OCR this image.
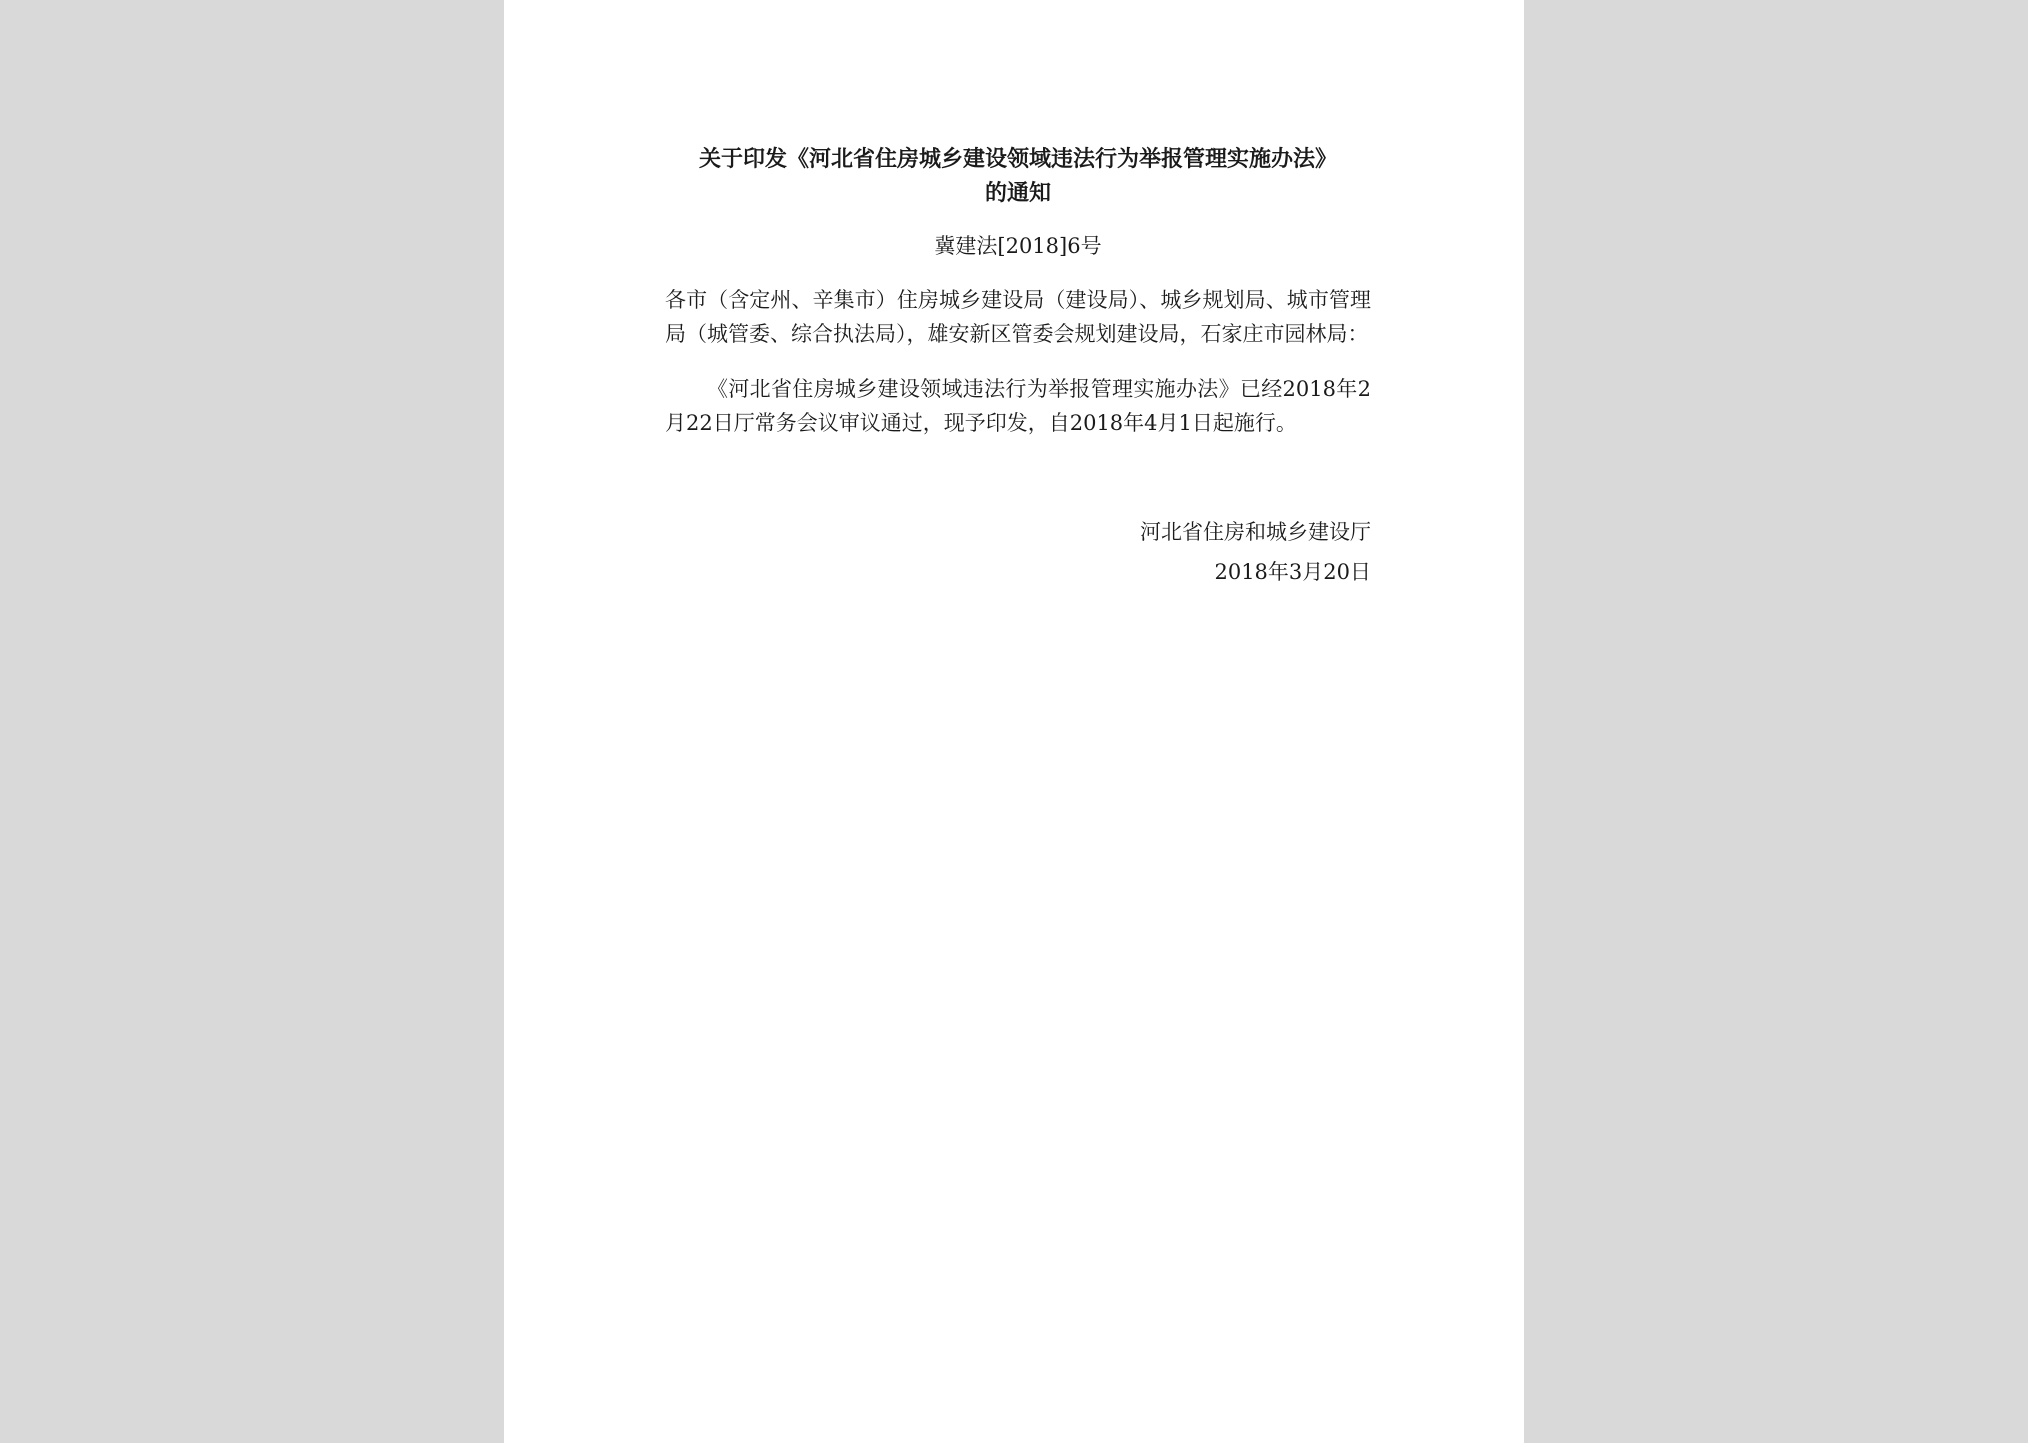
关于印发《河北省住房城乡建设领域违法行为举报管理实施办法》
的通知
冀建法[2018]6号

各市（含定州、辛集市）住房城乡建设局（建设局）、城乡规划局、城市管理局（城管委、综合执法局），雄安新区管委会规划建设局，石家庄市园林局：

《河北省住房城乡建设领域违法行为举报管理实施办法》已经2018年2月22日厅常务会议审议通过，现予印发，自2018年4月1日起施行。

河北省住房和城乡建设厅
2018年3月20日
